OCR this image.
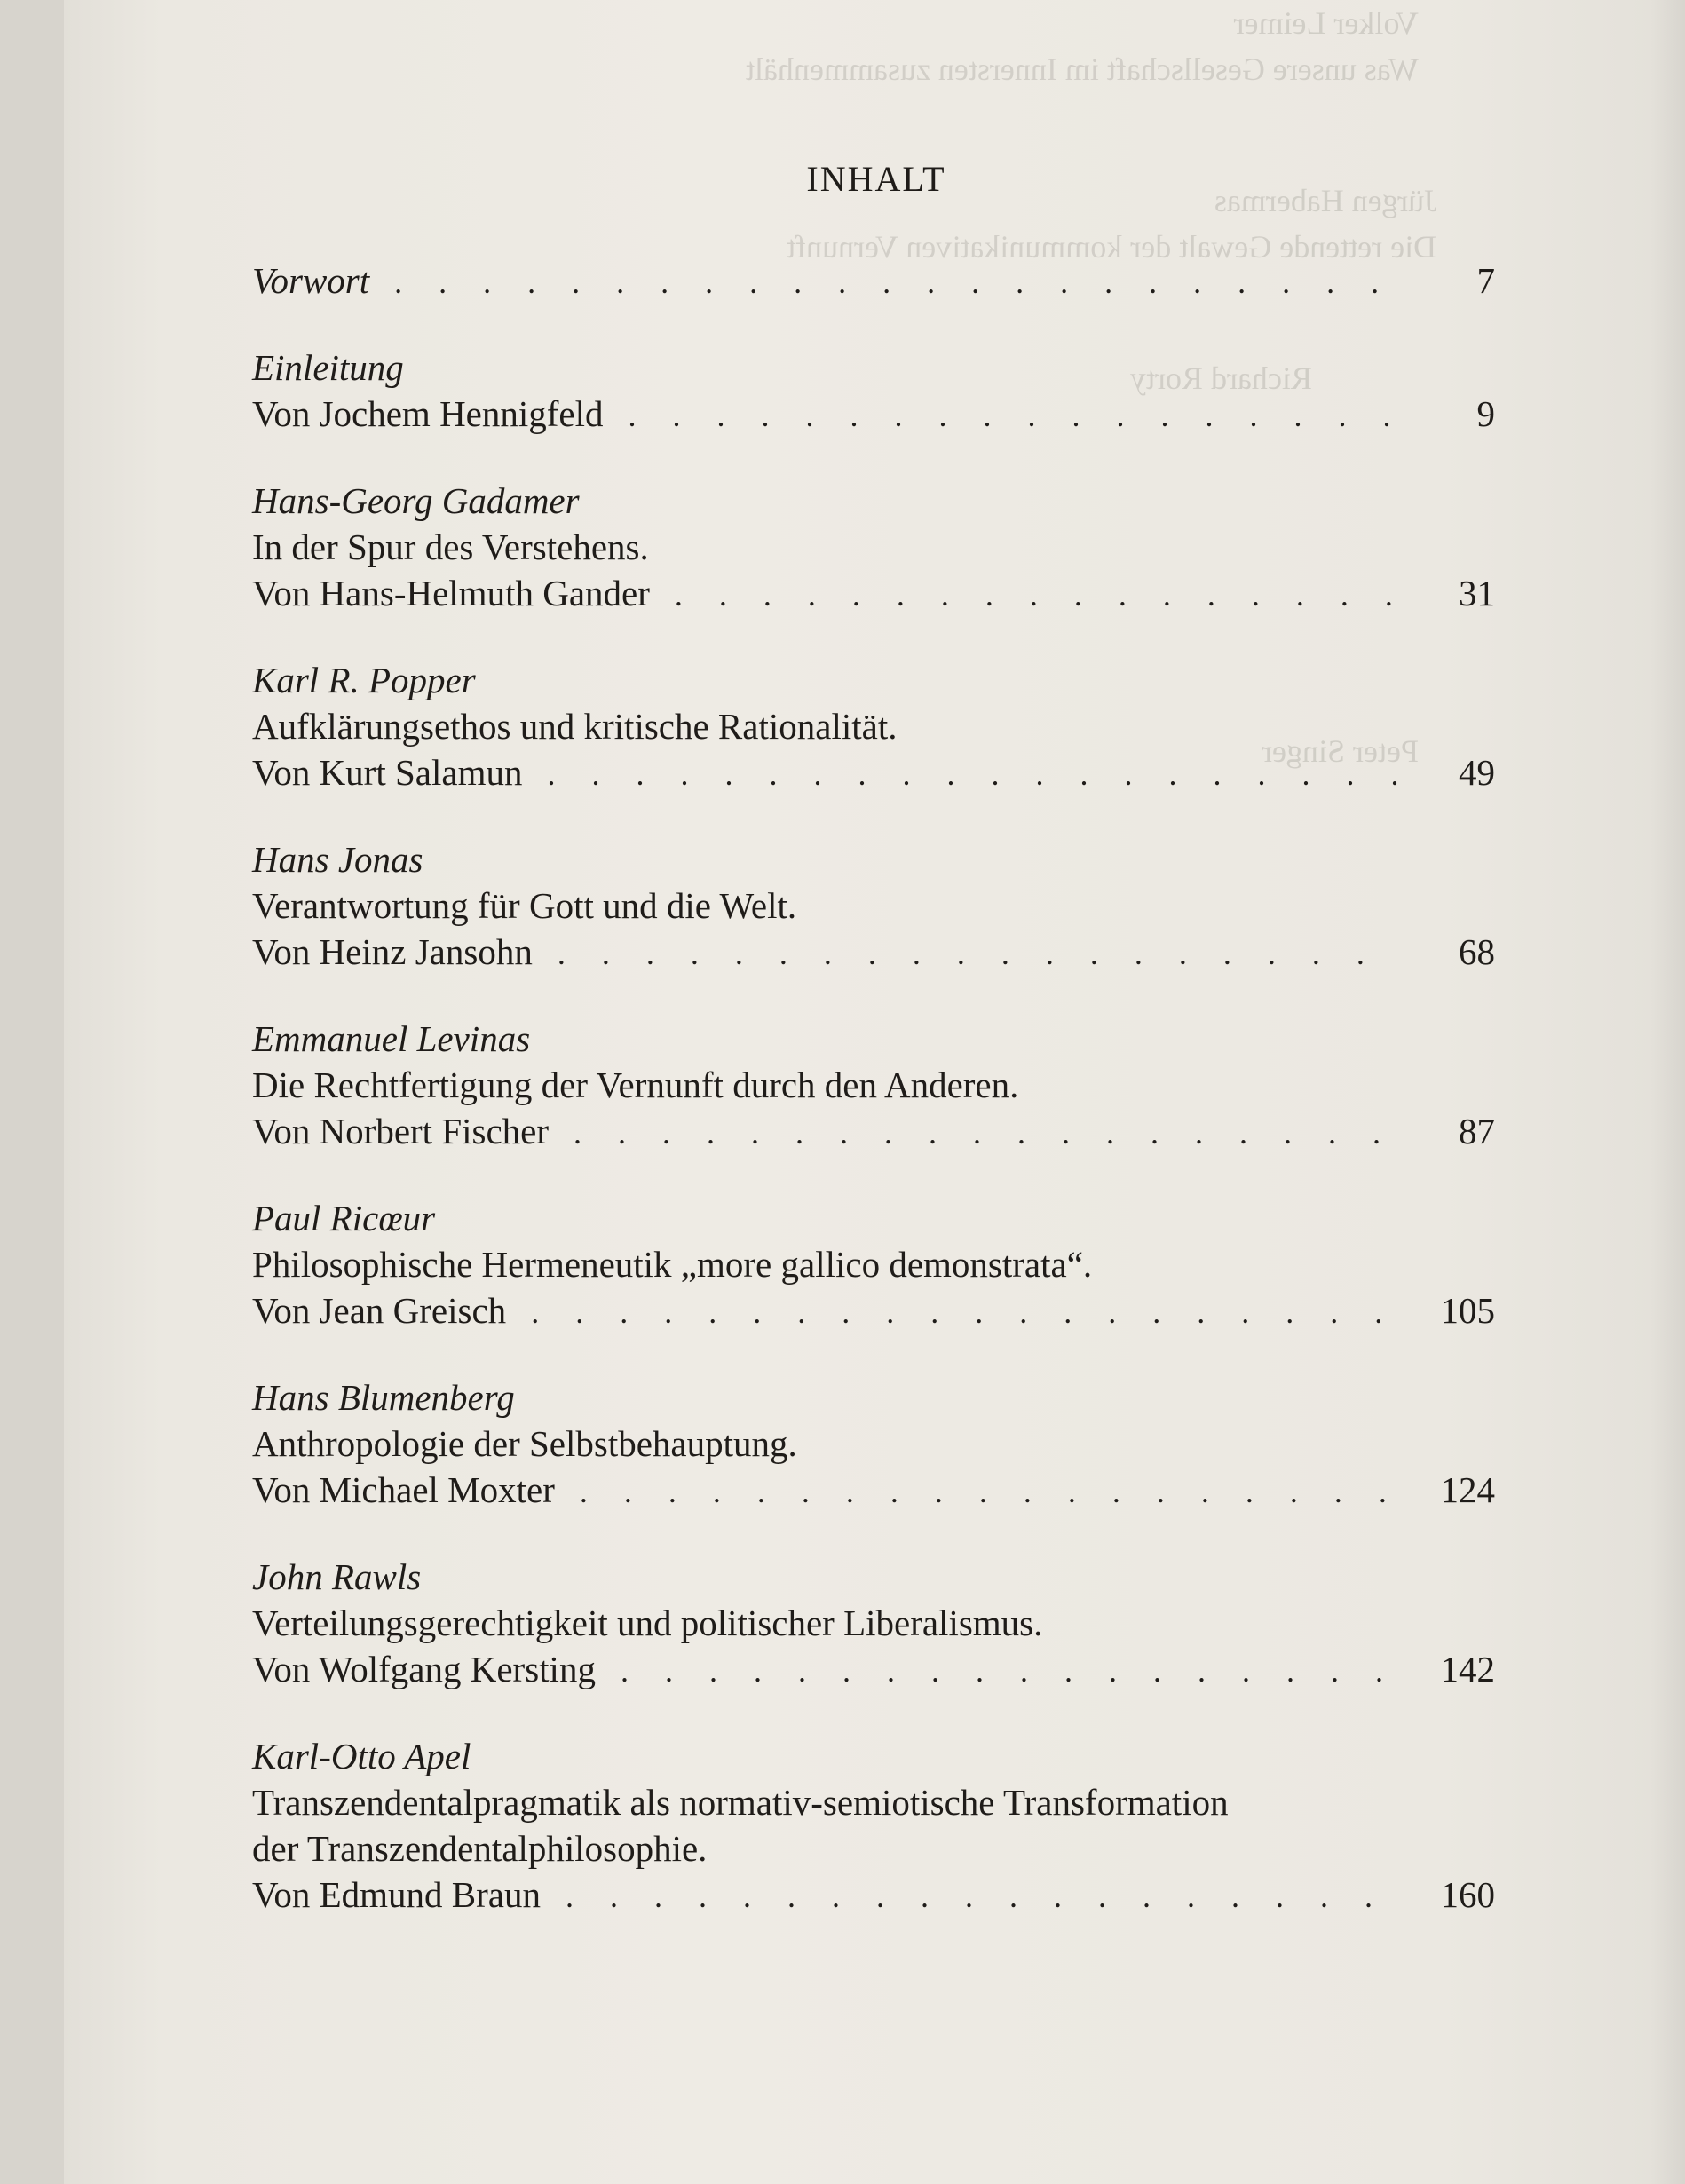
Volker Leimer
Was unsere Gesellschaft im Innersten zusammenhält
Jürgen Habermas
Die rettende Gewalt der kommunikativen Vernunft
Richard Rorty
Peter Singer
INHALT
Vorwort . . .	7
Einleitung
Von Jochem Hennigfeld . . .	9
Hans-Georg Gadamer
In der Spur des Verstehens.
Von Hans-Helmuth Gander . . .	31
Karl R. Popper
Aufklärungsethos und kritische Rationalität.
Von Kurt Salamun . . .	49
Hans Jonas
Verantwortung für Gott und die Welt.
Von Heinz Jansohn . . .	68
Emmanuel Levinas
Die Rechtfertigung der Vernunft durch den Anderen.
Von Norbert Fischer . . .	87
Paul Ricœur
Philosophische Hermeneutik „more gallico demonstrata“.
Von Jean Greisch . . .	105
Hans Blumenberg
Anthropologie der Selbstbehauptung.
Von Michael Moxter . . .	124
John Rawls
Verteilungsgerechtigkeit und politischer Liberalismus.
Von Wolfgang Kersting . . .	142
Karl-Otto Apel
Transzendentalpragmatik als normativ-semiotische Transformation
der Transzendentalphilosophie.
Von Edmund Braun . . .	160
